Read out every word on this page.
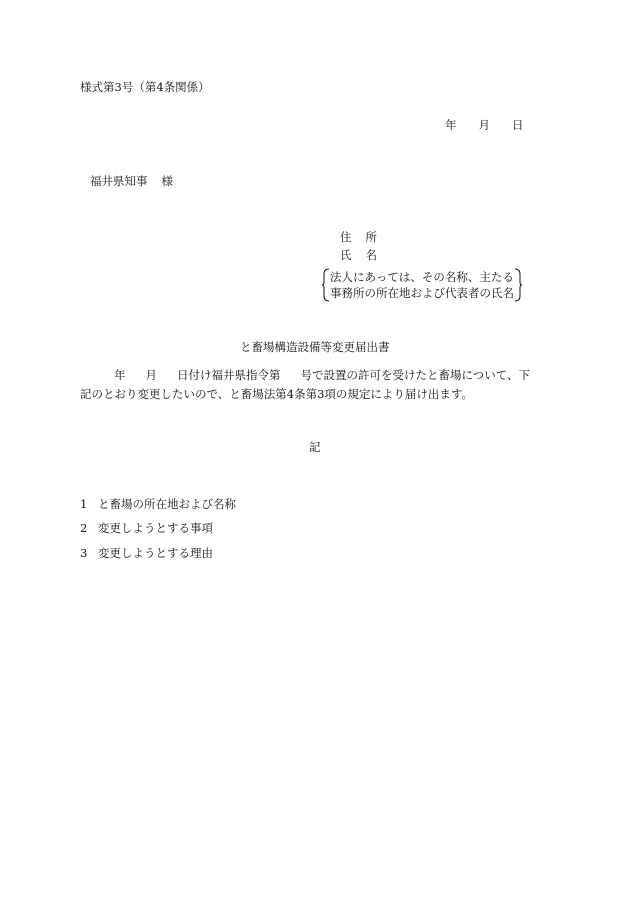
様式第3号（第4条関係）
年 月 日
福井県知事 様
住 所
氏 名
法人にあっては、その名称、主たる
事務所の所在地および代表者の氏名
と畜場構造設備等変更届出書
年 月 日付け福井県指令第 号で設置の許可を受けたと畜場について、下
記のとおり変更したいので、と畜場法第4条第3項の規定により届け出ます。
記
1 と畜場の所在地および名称
2 変更しようとする事項
3 変更しようとする理由
